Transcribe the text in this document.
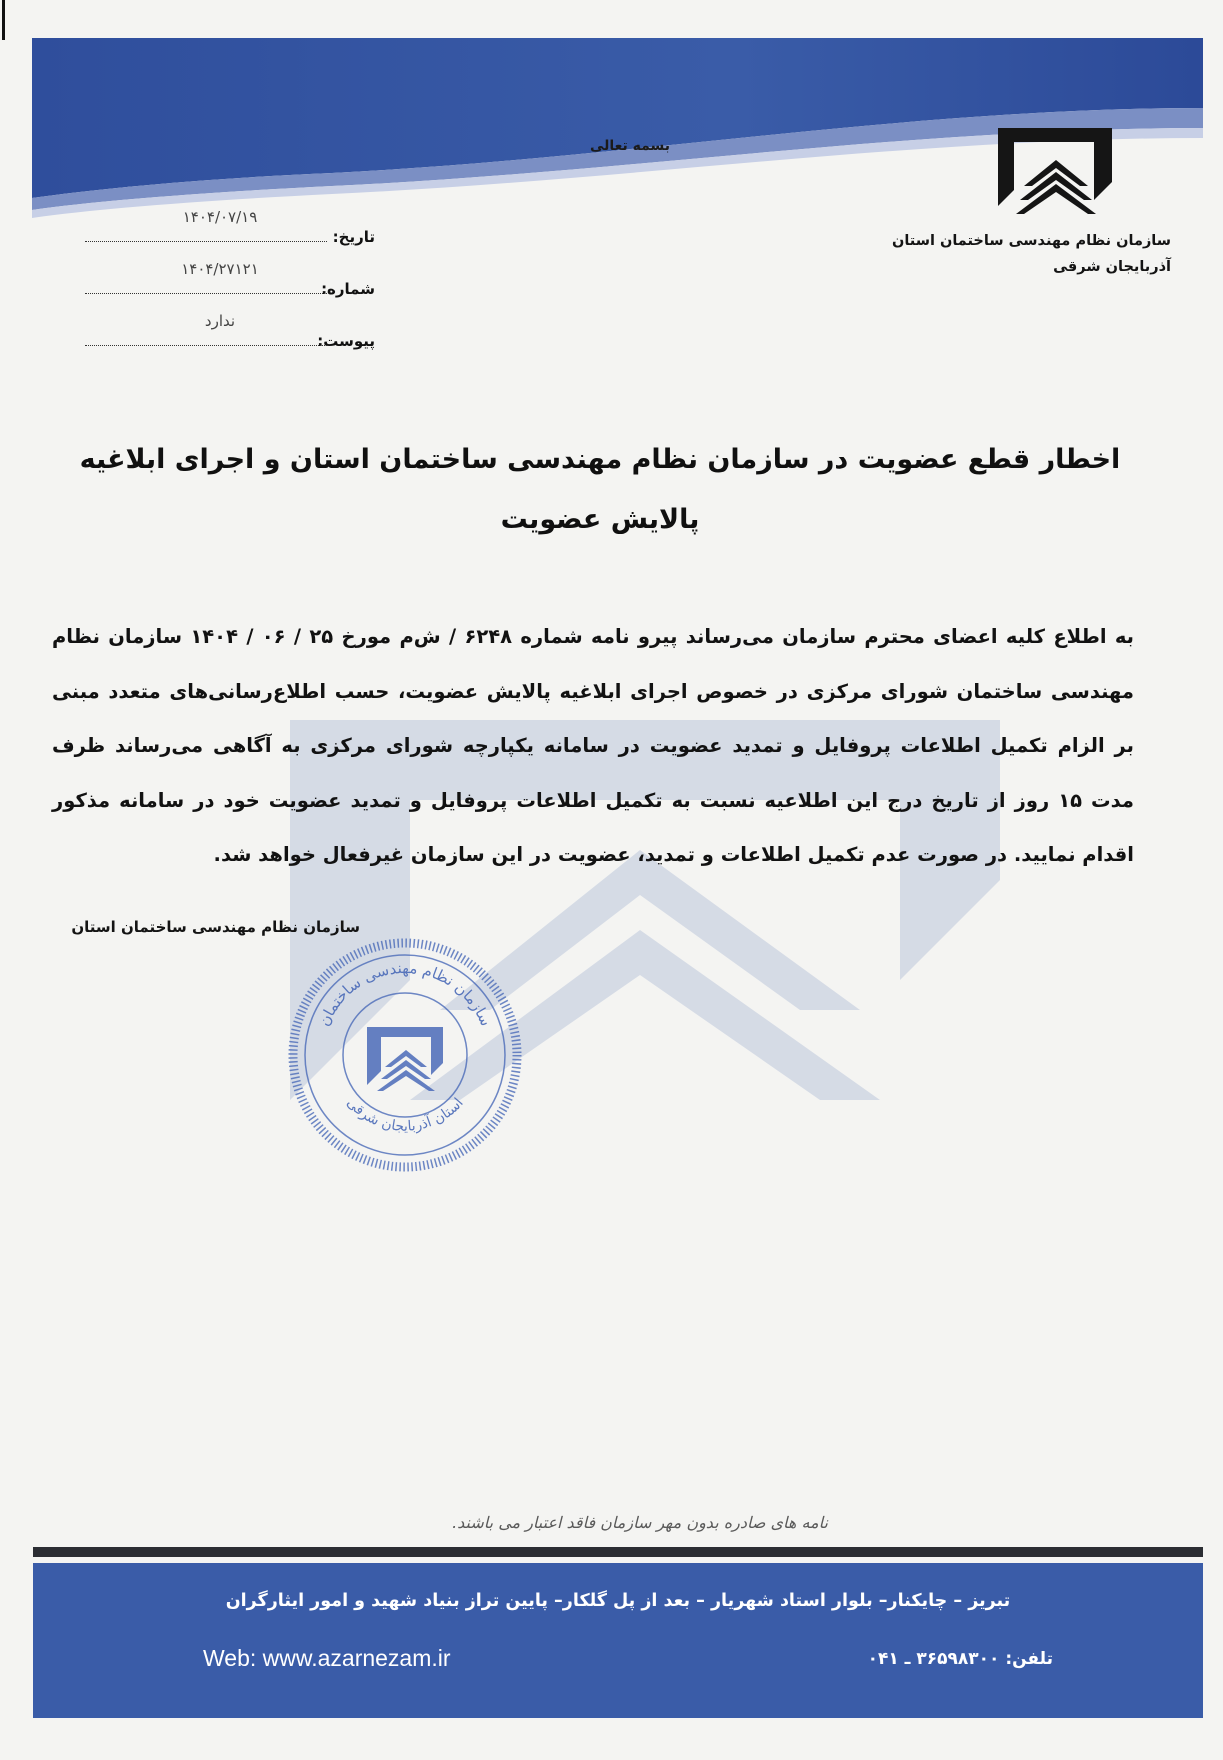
بسمه تعالی
سازمان نظام مهندسی ساختمان استان
آذربایجان شرقی
تاریخ:
۱۴۰۴/۰۷/۱۹
شماره:
۱۴۰۴/۲۷۱۲۱
پیوست:
ندارد
اخطار قطع عضویت در سازمان نظام مهندسی ساختمان استان و اجرای ابلاغیه پالایش عضویت
به اطلاع کلیه اعضای محترم سازمان می‌رساند پیرو نامه شماره ۶۲۴۸ / ش‌م مورخ ۲۵ / ۰۶ / ۱۴۰۴ سازمان نظام مهندسی ساختمان شورای مرکزی در خصوص اجرای ابلاغیه پالایش عضویت، حسب اطلاع‌رسانی‌های متعدد مبنی بر الزام تکمیل اطلاعات پروفایل و تمدید عضویت در سامانه یکپارچه شورای مرکزی به آگاهی می‌رساند ظرف مدت ۱۵ روز از تاریخ درج این اطلاعیه نسبت به تکمیل اطلاعات پروفایل و تمدید عضویت خود در سامانه مذکور اقدام نمایید. در صورت عدم تکمیل اطلاعات و تمدید، عضویت در این سازمان غیرفعال خواهد شد.
سازمان نظام مهندسی ساختمان استان
سازمان نظام مهندسی ساختمان
استان آذربایجان شرقی
نامه های صادره بدون مهر سازمان فاقد اعتبار می باشند.
تبریز – چایکنار– بلوار استاد شهریار – بعد از پل گلکار– پایین تراز بنیاد شهید و امور ایثارگران
تلفن: ۳۶۵۹۸۳۰۰ ـ ۰۴۱
Web: www.azarnezam.ir
